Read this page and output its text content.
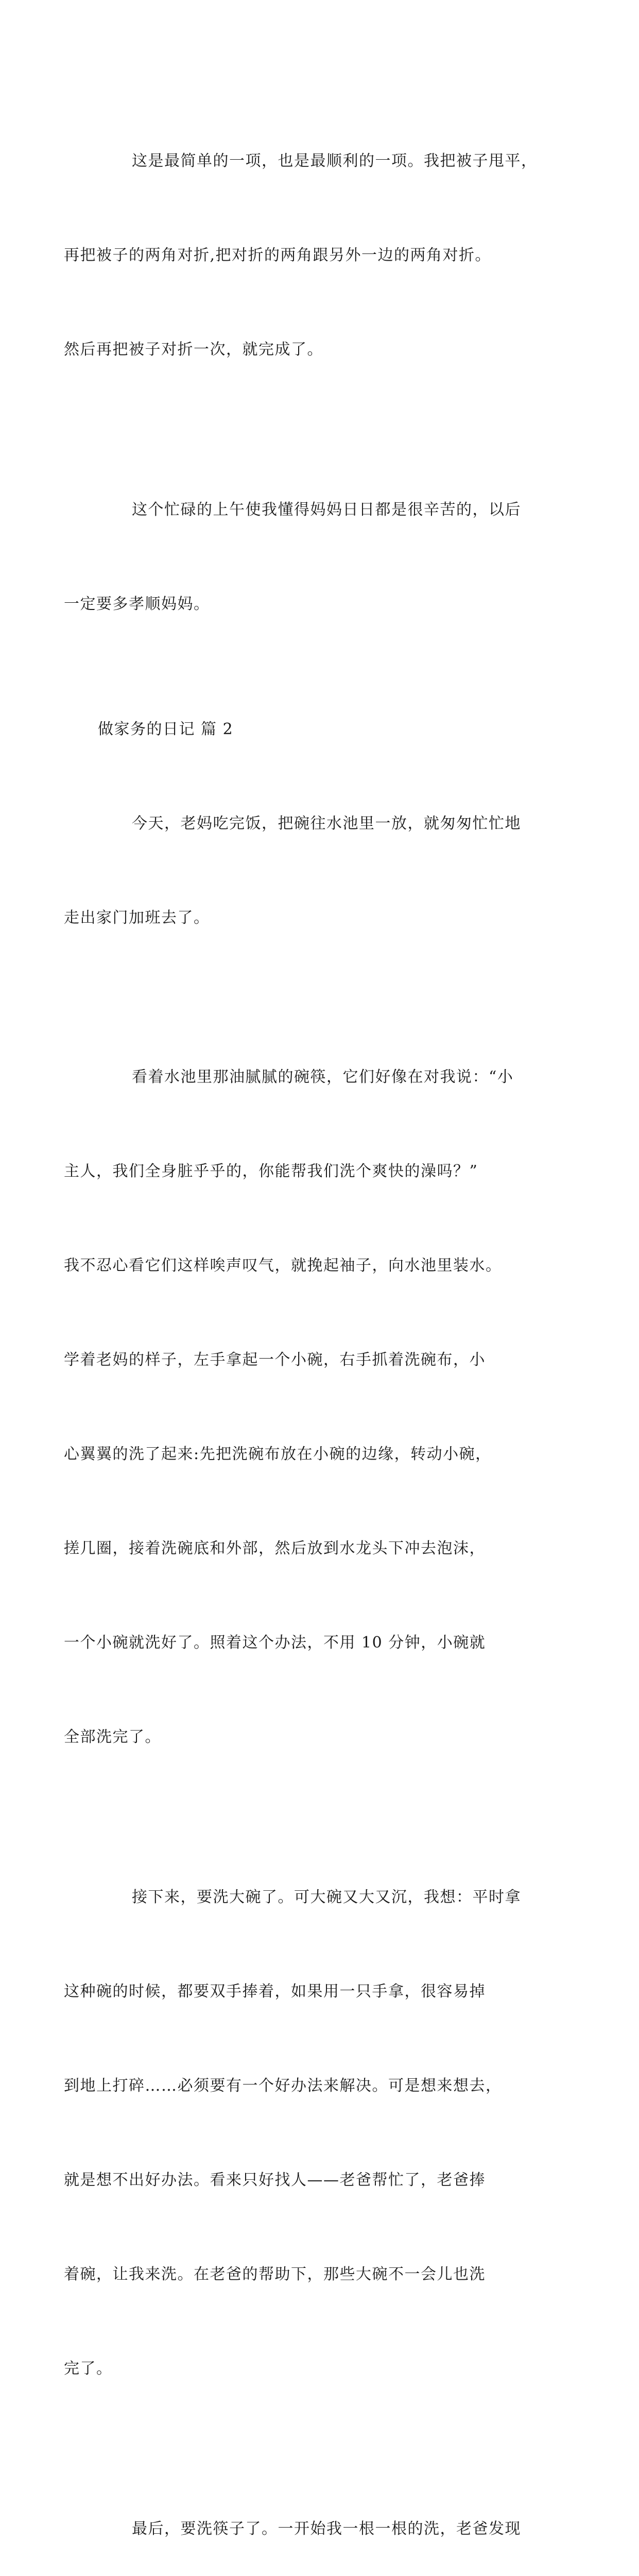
这是最简单的一项，也是最顺利的一项。我把被子甩平，

再把被子的两角对折,把对折的两角跟另外一边的两角对折。

然后再把被子对折一次，就完成了。

这个忙碌的上午使我懂得妈妈日日都是很辛苦的，以后

一定要多孝顺妈妈。

做家务的日记 篇 2

今天，老妈吃完饭，把碗往水池里一放，就匆匆忙忙地

走出家门加班去了。

看着水池里那油腻腻的碗筷，它们好像在对我说：“小

主人，我们全身脏乎乎的，你能帮我们洗个爽快的澡吗？”

我不忍心看它们这样唉声叹气，就挽起袖子，向水池里装水。

学着老妈的样子，左手拿起一个小碗，右手抓着洗碗布，小

心翼翼的洗了起来:先把洗碗布放在小碗的边缘，转动小碗，

搓几圈，接着洗碗底和外部，然后放到水龙头下冲去泡沫，

一个小碗就洗好了。照着这个办法，不用 10 分钟，小碗就

全部洗完了。

接下来，要洗大碗了。可大碗又大又沉，我想：平时拿

这种碗的时候，都要双手捧着，如果用一只手拿，很容易掉

到地上打碎……必须要有一个好办法来解决。可是想来想去，

就是想不出好办法。看来只好找人——老爸帮忙了，老爸捧

着碗，让我来洗。在老爸的帮助下，那些大碗不一会儿也洗

完了。

最后，要洗筷子了。一开始我一根一根的洗，老爸发现
